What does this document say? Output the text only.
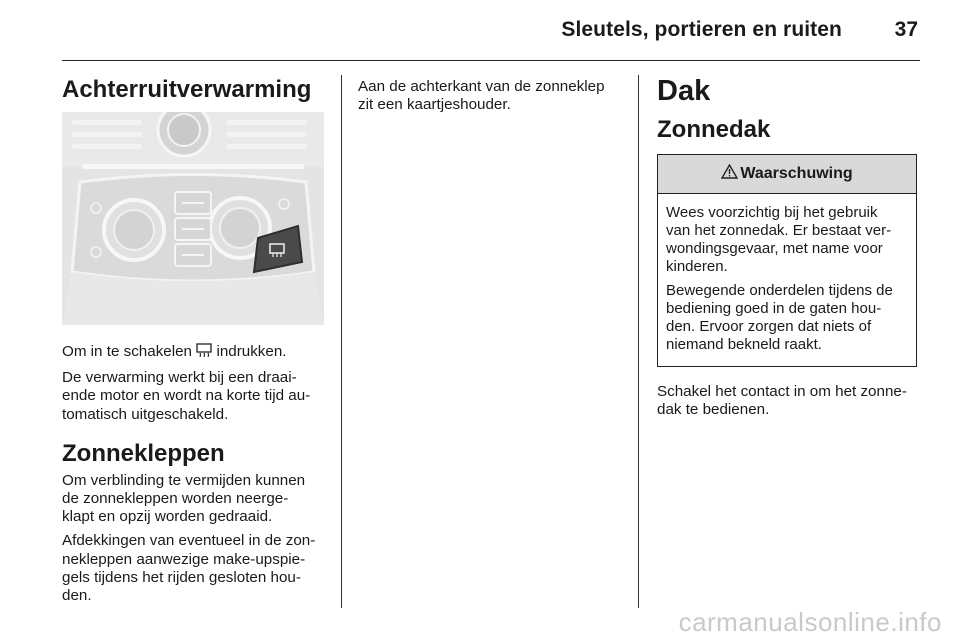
Sleutels, portieren en ruiten	37
Achterruitverwarming

Om in te schakelen  indrukken.

De verwarming werkt bij een draai-
ende motor en wordt na korte tijd au-
tomatisch uitgeschakeld.

Zonnekleppen

Om verblinding te vermijden kunnen
de zonnekleppen worden neerge-
klapt en opzij worden gedraaid.

Afdekkingen van eventueel in de zon-
nekleppen aanwezige make-upspie-
gels tijdens het rijden gesloten hou-
den.

Aan de achterkant van de zonneklep
zit een kaartjeshouder.	Dak
Zonnedak
Waarschuwing

Wees voorzichtig bij het gebruik
van het zonnedak. Er bestaat ver-
wondingsgevaar, met name voor
kinderen.

Bewegende onderdelen tijdens de
bediening goed in de gaten hou-
den. Ervoor zorgen dat niets of
niemand bekneld raakt.

Schakel het contact in om het zonne-
dak te bedienen.

carmanualsonline.info
